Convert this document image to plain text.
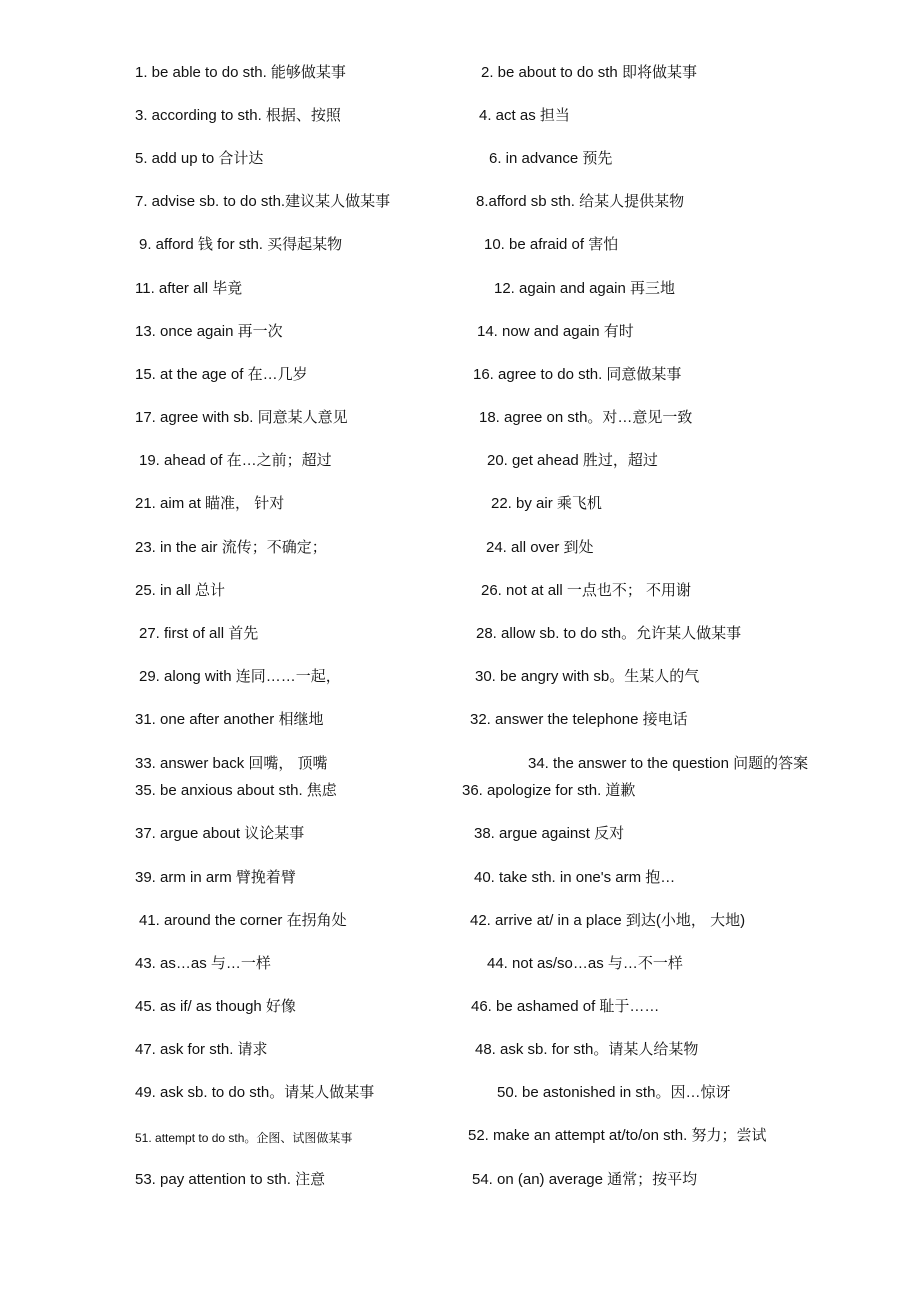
1. be able to do sth. 能够做某事	2. be about to do sth 即将做某事
3. according to sth. 根据、按照	4. act as 担当
5. add up to 合计达	6. in advance 预先
7. advise sb. to do sth.建议某人做某事	8.afford sb sth. 给某人提供某物
9. afford 钱 for sth. 买得起某物	10. be afraid of 害怕
11. after all 毕竟	12. again and again 再三地
13. once again 再一次	14. now and again 有时
15. at the age of 在…几岁	16. agree to do sth. 同意做某事
17. agree with sb. 同意某人意见	18. agree on sth。对…意见一致
19. ahead of 在…之前；超过	20. get ahead 胜过，超过
21. aim at 瞄准， 针对	22. by air 乘飞机
23. in the air 流传；不确定；	24. all over 到处
25. in all 总计	26. not at all 一点也不； 不用谢
27. first of all 首先	28. allow sb. to do sth。允许某人做某事
29. along with 连同……一起，	30. be angry with sb。生某人的气
31. one after another 相继地	32. answer the telephone 接电话
33. answer back 回嘴， 顶嘴	34. the answer to the question 问题的答案
35. be anxious about sth. 焦虑	36. apologize for sth. 道歉
37. argue about 议论某事	38. argue against 反对
39. arm in arm 臂挽着臂	40. take sth. in one's arm 抱…
41. around the corner 在拐角处	42. arrive at/ in a place 到达(小地， 大地)
43. as…as 与…一样	44. not as/so…as 与…不一样
45. as if/ as though 好像	46. be ashamed of 耻于……
47. ask for sth. 请求	48. ask sb. for sth。请某人给某物
49. ask sb. to do sth。请某人做某事	50. be astonished in sth。因…惊讶
51. attempt to do sth。企图、试图做某事	52. make an attempt at/to/on sth. 努力；尝试
53. pay attention to sth. 注意	54. on (an) average 通常；按平均
